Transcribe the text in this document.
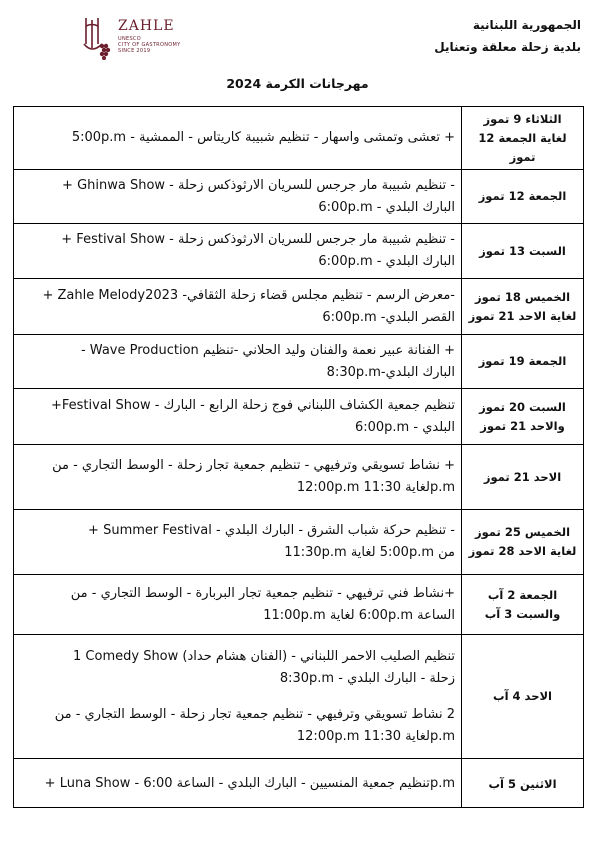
ZAHLE
UNESCO
CITY OF GASTRONOMY
SINCE 2019
الجمهورية اللبنانية
بلدية زحلة معلقة وتعنايل
مهرجانات الكرمة 2024
+ تعشى وتمشى واسهار - تنظيم شبيبة كاريتاس - الممشية - 5:00p.m
الثلاثاء 9 تموز
لغاية الجمعة 12
تموز
+ Ghinwa Show - تنظيم شبيبة مار جرجس للسريان الارثوذكس زحلة -
البارك البلدي - 6:00p.m
الجمعة 12 تموز
+ Festival Show - تنظيم شبيبة مار جرجس للسريان الارثوذكس زحلة -
البارك البلدي - 6:00p.m
السبت 13 تموز
+ Zahle Melody2023 -معرض الرسم - تنظيم مجلس قضاء زحلة الثقافي-
القصر البلدي- 6:00p.m
الخميس 18 تموز
لغاية الاحد 21 تموز
+ الفنانة عبير نعمة والفنان وليد الحلاني -تنظيم Wave Production -
البارك البلدي-8:30p.m
الجمعة 19 تموز
+Festival Show - تنظيم جمعية الكشاف اللبناني فوج زحلة الرابع - البارك
البلدي - 6:00p.m
السبت 20 تموز
والاحد 21 تموز
+ نشاط تسويقي وترفيهي - تنظيم جمعية تجار زحلة - الوسط التجاري - من
12:00p.m لغاية 11:30p.m
الاحد 21 تموز
+ Summer Festival - تنظيم حركة شباب الشرق - البارك البلدي -
من 5:00p.m لغاية 11:30p.m
الخميس 25 تموز
لغاية الاحد 28 تموز
+نشاط فني ترفيهي - تنظيم جمعية تجار البربارة - الوسط التجاري - من
الساعة 6:00p.m لغاية 11:00p.m
الجمعة 2 آب
والسبت 3 آب
1 Comedy Show (الفنان هشام حداد) - تنظيم الصليب الاحمر اللبناني
زحلة - البارك البلدي - 8:30p.m
2 نشاط تسويقي وترفيهي - تنظيم جمعية تجار زحلة - الوسط التجاري - من
12:00p.m لغاية 11:30p.m
الاحد 4 آب
+ Luna Show - تنظيم جمعية المنسيين - البارك البلدي - الساعة 6:00p.m	الاثنين 5 آب
